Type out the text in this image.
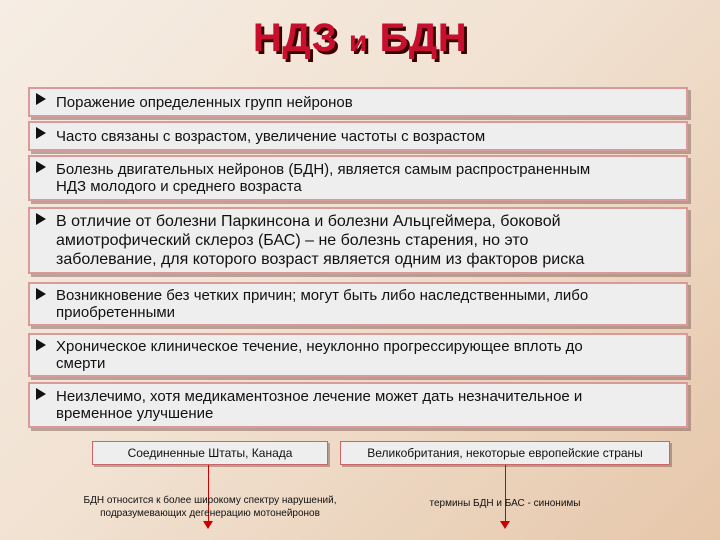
НДЗ и БДН
Поражение определенных групп нейронов
Часто связаны с возрастом, увеличение частоты с возрастом
Болезнь двигательных нейронов (БДН), является самым распространенным
НДЗ молодого и среднего возраста
В отличие от болезни Паркинсона и болезни Альцгеймера, боковой
амиотрофический склероз (БАС) – не болезнь старения, но это
заболевание, для которого возраст является одним из факторов риска
Возникновение без четких причин; могут быть либо наследственными, либо
приобретенными
Хроническое клиническое течение, неуклонно прогрессирующее вплоть до
смерти
Неизлечимо, хотя медикаментозное лечение может дать незначительное и
временное улучшение
Соединенные Штаты, Канада	Великобритания, некоторые европейские страны
БДН относится к более широкому спектру нарушений,
подразумевающих дегенерацию мотонейронов
термины БДН и БАС - синонимы
